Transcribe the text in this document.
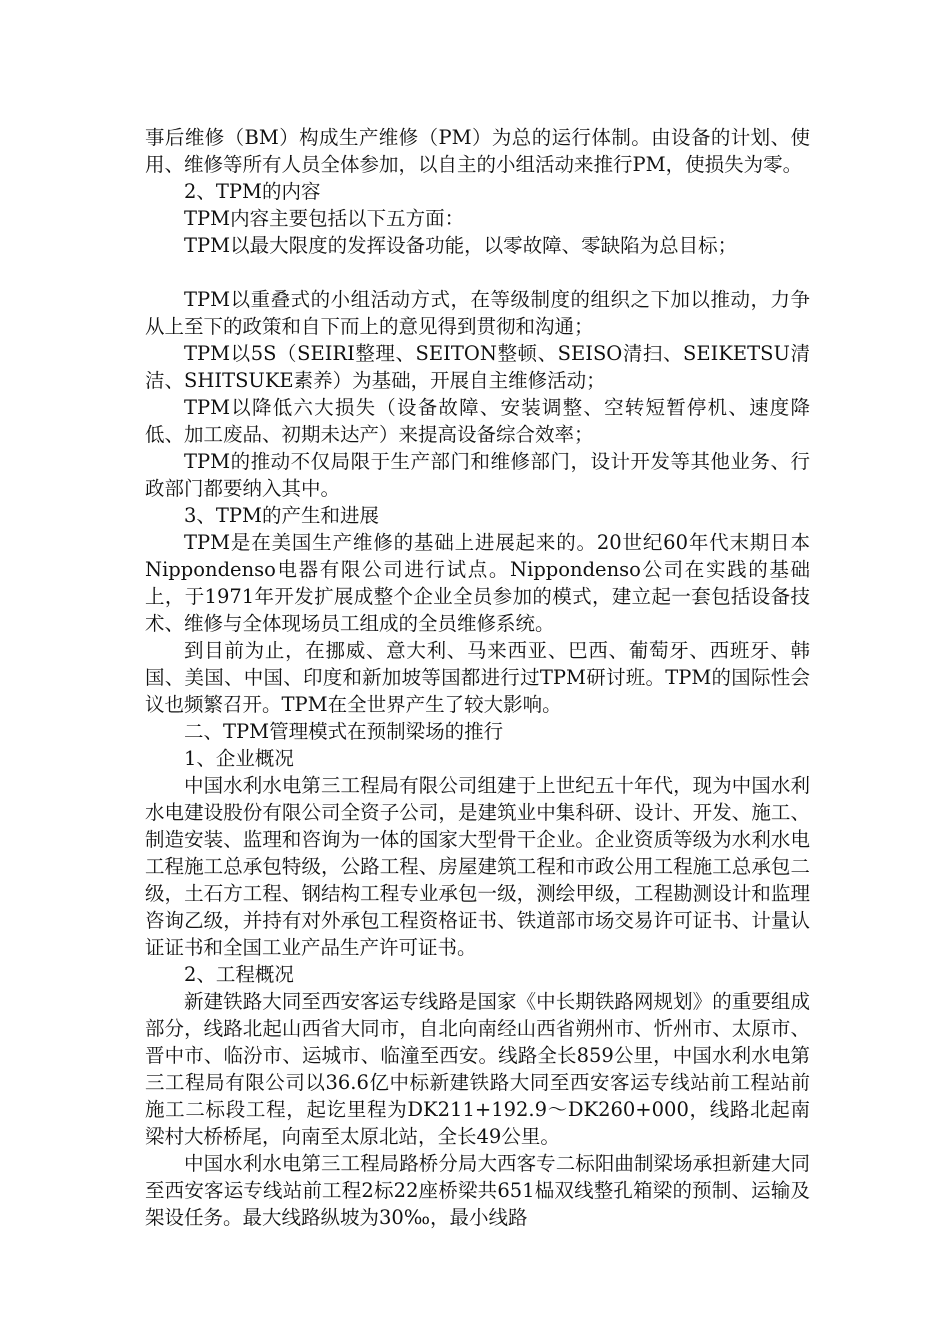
事后维修（BM）构成生产维修（PM）为总的运行体制。由设备的计划、使用、维修等所有人员全体参加，以自主的小组活动来推行PM，使损失为零。

2、TPM的内容

TPM内容主要包括以下五方面：

TPM以最大限度的发挥设备功能，以零故障、零缺陷为总目标；

TPM以重叠式的小组活动方式，在等级制度的组织之下加以推动，力争从上至下的政策和自下而上的意见得到贯彻和沟通；

TPM以5S（SEIRI整理、SEITON整顿、SEISO清扫、SEIKETSU清洁、SHITSUKE素养）为基础，开展自主维修活动；

TPM以降低六大损失（设备故障、安装调整、空转短暂停机、速度降低、加工废品、初期未达产）来提高设备综合效率；

TPM的推动不仅局限于生产部门和维修部门，设计开发等其他业务、行政部门都要纳入其中。

3、TPM的产生和进展

TPM是在美国生产维修的基础上进展起来的。20世纪60年代末期日本Nippondenso电器有限公司进行试点。Nippondenso公司在实践的基础上，于1971年开发扩展成整个企业全员参加的模式，建立起一套包括设备技术、维修与全体现场员工组成的全员维修系统。

到目前为止，在挪威、意大利、马来西亚、巴西、葡萄牙、西班牙、韩国、美国、中国、印度和新加坡等国都进行过TPM研讨班。TPM的国际性会议也频繁召开。TPM在全世界产生了较大影响。

二、TPM管理模式在预制梁场的推行

1、企业概况

中国水利水电第三工程局有限公司组建于上世纪五十年代，现为中国水利水电建设股份有限公司全资子公司，是建筑业中集科研、设计、开发、施工、制造安装、监理和咨询为一体的国家大型骨干企业。企业资质等级为水利水电工程施工总承包特级，公路工程、房屋建筑工程和市政公用工程施工总承包二级，土石方工程、钢结构工程专业承包一级，测绘甲级，工程勘测设计和监理咨询乙级，并持有对外承包工程资格证书、铁道部市场交易许可证书、计量认证证书和全国工业产品生产许可证书。

2、工程概况

新建铁路大同至西安客运专线路是国家《中长期铁路网规划》的重要组成部分，线路北起山西省大同市，自北向南经山西省朔州市、忻州市、太原市、晋中市、临汾市、运城市、临潼至西安。线路全长859公里，中国水利水电第三工程局有限公司以36.6亿中标新建铁路大同至西安客运专线站前工程站前施工二标段工程，起讫里程为DK211+192.9～DK260+000，线路北起南梁村大桥桥尾，向南至太原北站，全长49公里。

中国水利水电第三工程局路桥分局大西客专二标阳曲制梁场承担新建大同至西安客运专线站前工程2标22座桥梁共651榀双线整孔箱梁的预制、运输及架设任务。最大线路纵坡为30‰，最小线路
